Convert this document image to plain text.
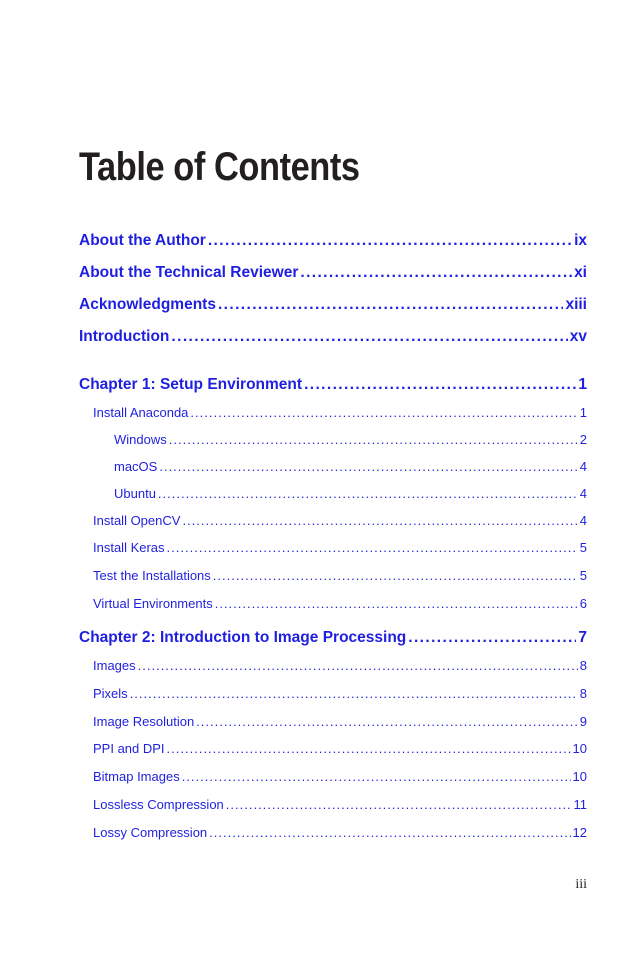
Table of Contents
About the Author .....	ix
About the Technical Reviewer .....	xi
Acknowledgments .....	xiii
Introduction .....	xv
Chapter 1: Setup Environment .....	1
Install Anaconda .....	1
Windows .....	2
macOS .....	4
Ubuntu .....	4
Install OpenCV .....	4
Install Keras .....	5
Test the Installations .....	5
Virtual Environments .....	6
Chapter 2: Introduction to Image Processing .....	7
Images .....	8
Pixels .....	8
Image Resolution .....	9
PPI and DPI .....	10
Bitmap Images .....	10
Lossless Compression .....	11
Lossy Compression .....	12
iii
